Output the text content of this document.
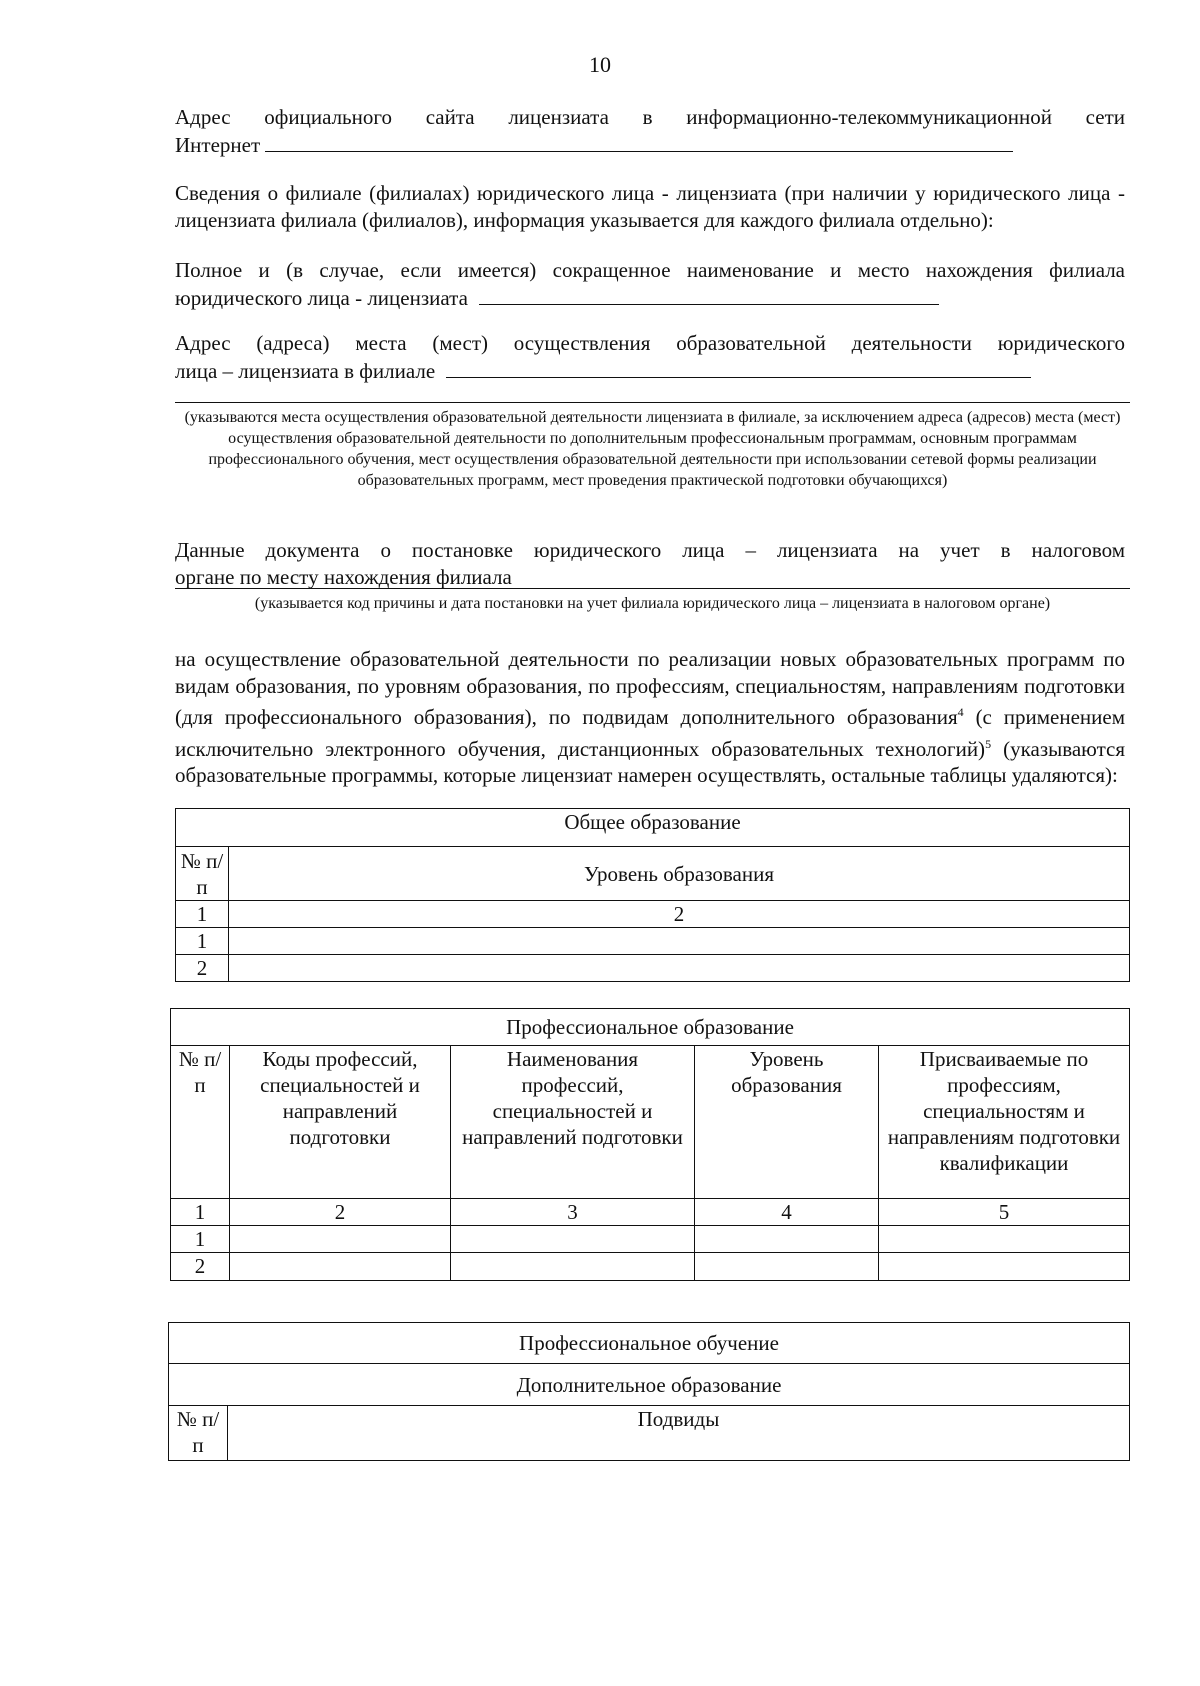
10
Адрес официального сайта лицензиата в информационно-телекоммуникационной сети
Интернет
Сведения о филиале (филиалах) юридического лица - лицензиата (при наличии у юридического лица - лицензиата филиала (филиалов), информация указывается для каждого филиала отдельно):
Полное и (в случае, если имеется) сокращенное наименование и место нахождения филиала
юридического лица - лицензиата
Адрес (адреса) места (мест) осуществления образовательной деятельности юридического
лица – лицензиата в филиале
(указываются места осуществления образовательной деятельности лицензиата в филиале, за исключением адреса (адресов) места (мест) осуществления образовательной деятельности по дополнительным профессиональным программам, основным программам профессионального обучения, мест осуществления образовательной деятельности при использовании сетевой формы реализации образовательных программ, мест проведения практической подготовки обучающихся)
Данные документа о постановке юридического лица – лицензиата на учет в налоговом
органе по месту нахождения филиала
(указывается код причины и дата постановки на учет филиала юридического лица – лицензиата в налоговом органе)
на осуществление образовательной деятельности по реализации новых образовательных программ по видам образования, по уровням образования, по профессиям, специальностям, направлениям подготовки (для профессионального образования), по подвидам дополнительного образования$^4$ (с применением исключительно электронного обучения, дистанционных образовательных технологий)$^5$ (указываются образовательные программы, которые лицензиат намерен осуществлять, остальные таблицы удаляются):
Общее образование	
№ п/п	Уровень образования
1	2
1	
2	
Профессиональное образование				
№ п/п	Коды профессий, специальностей и направлений подготовки	Наименования профессий, специальностей и направлений подготовки	Уровень образования	Присваиваемые по профессиям, специальностям и направлениям подготовки квалификации
1	2	3	4	5
1				
2				
Профессиональное обучение
Дополнительное образование
№ п/п	Подвиды
